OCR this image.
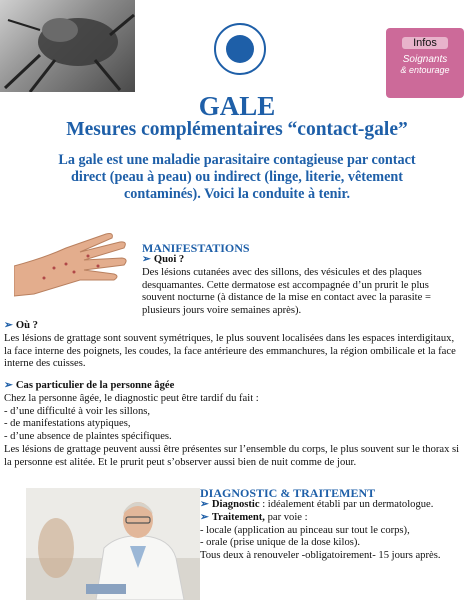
Infos
Soignants
& entourage
GALE
Mesures complémentaires “contact-gale”
La gale est une maladie parasitaire contagieuse par contact direct (peau à peau) ou indirect (linge, literie, vêtement contaminés). Voici la conduite à tenir.
MANIFESTATIONS
➢ Quoi ?
Des lésions cutanées avec des sillons, des vésicules et des plaques desquamantes. Cette dermatose est accompagnée d’un prurit le plus souvent nocturne (à distance de la mise en contact avec la parasite = plusieurs jours voire semaines après).
➢ Où ?
Les lésions de grattage sont souvent symétriques, le plus souvent localisées dans les espaces interdigitaux, la face interne des poignets, les coudes, la face antérieure des emmanchures, la région ombilicale et la face interne des cuisses.
➢ Cas particulier de la personne âgée
Chez la personne âgée, le diagnostic peut être tardif du fait :
- d’une difficulté à voir les sillons,
- de manifestations atypiques,
- d’une absence de plaintes spécifiques.
Les lésions de grattage peuvent aussi être présentes sur l’ensemble du corps, le plus souvent sur le thorax si la personne est alitée. Et le prurit peut s’observer aussi bien de nuit comme de jour.
DIAGNOSTIC & TRAITEMENT
➢ Diagnostic : idéalement établi par un dermatologue.
➢ Traitement, par voie :
- locale (application au pinceau sur tout le corps),
- orale (prise unique de la dose kilos).
Tous deux à renouveler -obligatoirement- 15 jours après.
